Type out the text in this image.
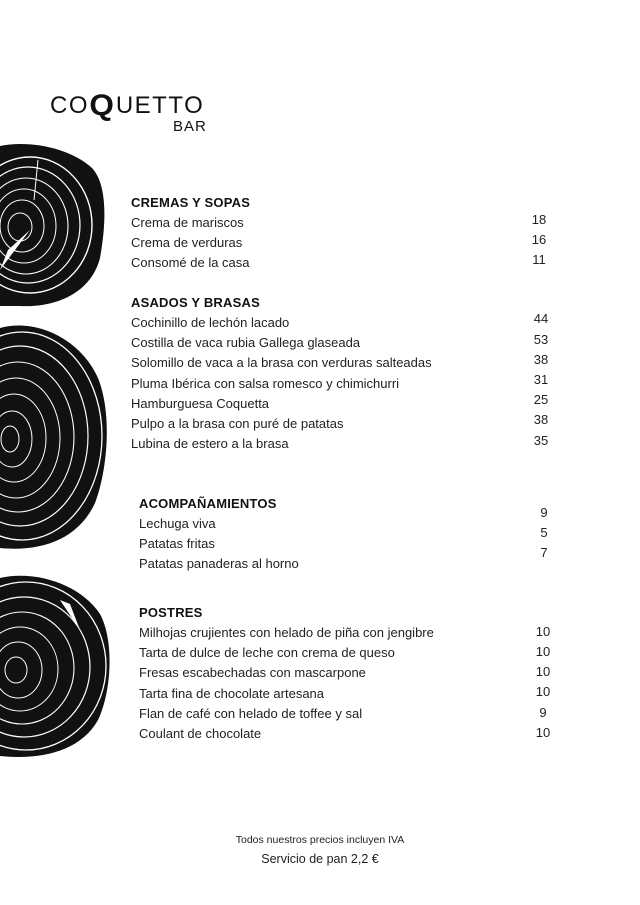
CO Q UETTO
BAR
CREMAS Y SOPAS
Crema de mariscos
Crema de verduras
Consomé de la casa
18
16
11
ASADOS Y BRASAS
Cochinillo de lechón lacado
Costilla de vaca rubia Gallega glaseada
Solomillo de vaca a la brasa con verduras salteadas
Pluma Ibérica con salsa romesco y chimichurri
Hamburguesa Coquetta
Pulpo a la brasa con puré de patatas
Lubina de estero a la brasa
44
53
38
31
25
38
35
ACOMPAÑAMIENTOS
Lechuga viva
Patatas fritas
Patatas panaderas al horno
9
5
7
POSTRES
Milhojas crujientes con helado de piña con jengibre
Tarta de dulce de leche con crema de queso
Fresas escabechadas con mascarpone
Tarta fina de chocolate artesana
Flan de café con helado de toffee y sal
Coulant de chocolate
10
10
10
10
9
10
Todos nuestros precios incluyen IVA
Servicio de pan 2,2 €
